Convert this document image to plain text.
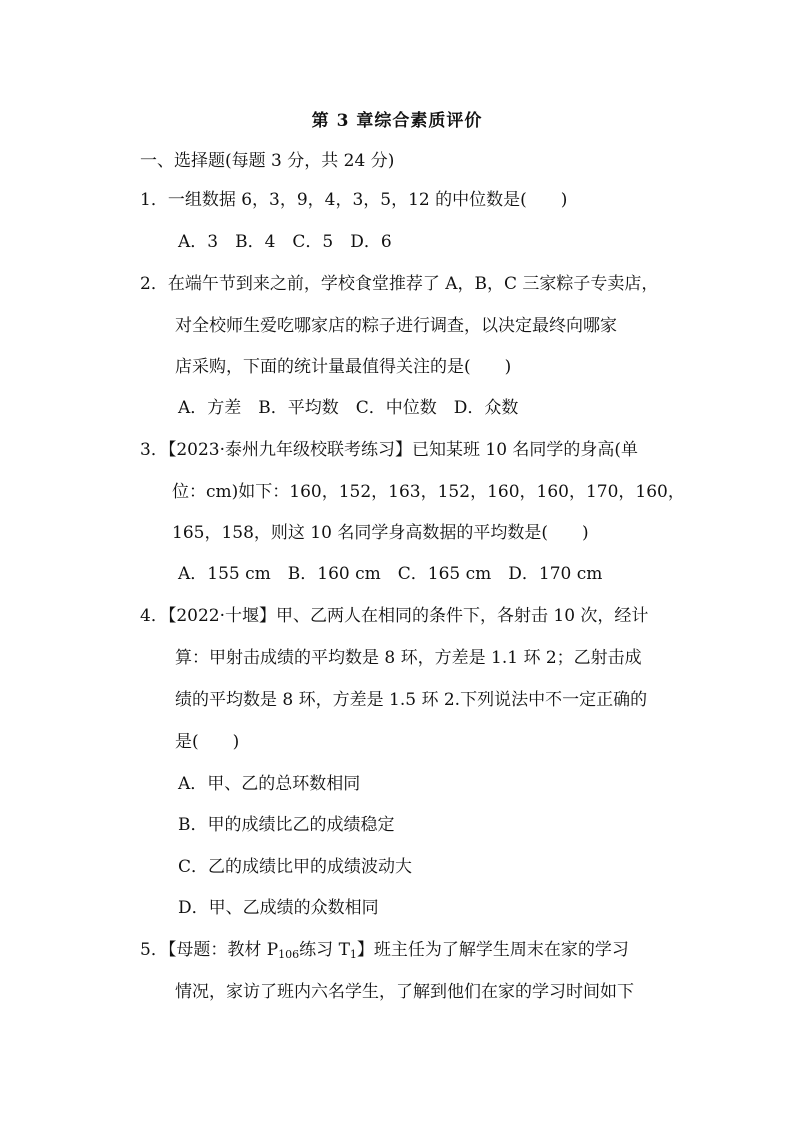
第 3 章综合素质评价
一、选择题(每题 3 分，共 24 分)
1．一组数据 6，3，9，4，3，5，12 的中位数是(　　)
A．3　B．4　C．5　D．6
2．在端午节到来之前，学校食堂推荐了 A，B，C 三家粽子专卖店，
对全校师生爱吃哪家店的粽子进行调查，以决定最终向哪家
店采购，下面的统计量最值得关注的是(　　)
A．方差　B．平均数　C．中位数　D．众数
3．【2023·泰州九年级校联考练习】已知某班 10 名同学的身高(单
位：cm)如下：160，152，163，152，160，160，170，160，
165，158，则这 10 名同学身高数据的平均数是(　　)
A．155 cm　B．160 cm　C．165 cm　D．170 cm
4．【2022·十堰】甲、乙两人在相同的条件下，各射击 10 次，经计
算：甲射击成绩的平均数是 8 环，方差是 1.1 环 2；乙射击成
绩的平均数是 8 环，方差是 1.5 环 2.下列说法中不一定正确的
是(　　)
A．甲、乙的总环数相同
B．甲的成绩比乙的成绩稳定
C．乙的成绩比甲的成绩波动大
D．甲、乙成绩的众数相同
5．【母题：教材 $P_{106}$练习 $T_1$】班主任为了解学生周末在家的学习
情况，家访了班内六名学生，了解到他们在家的学习时间如下
